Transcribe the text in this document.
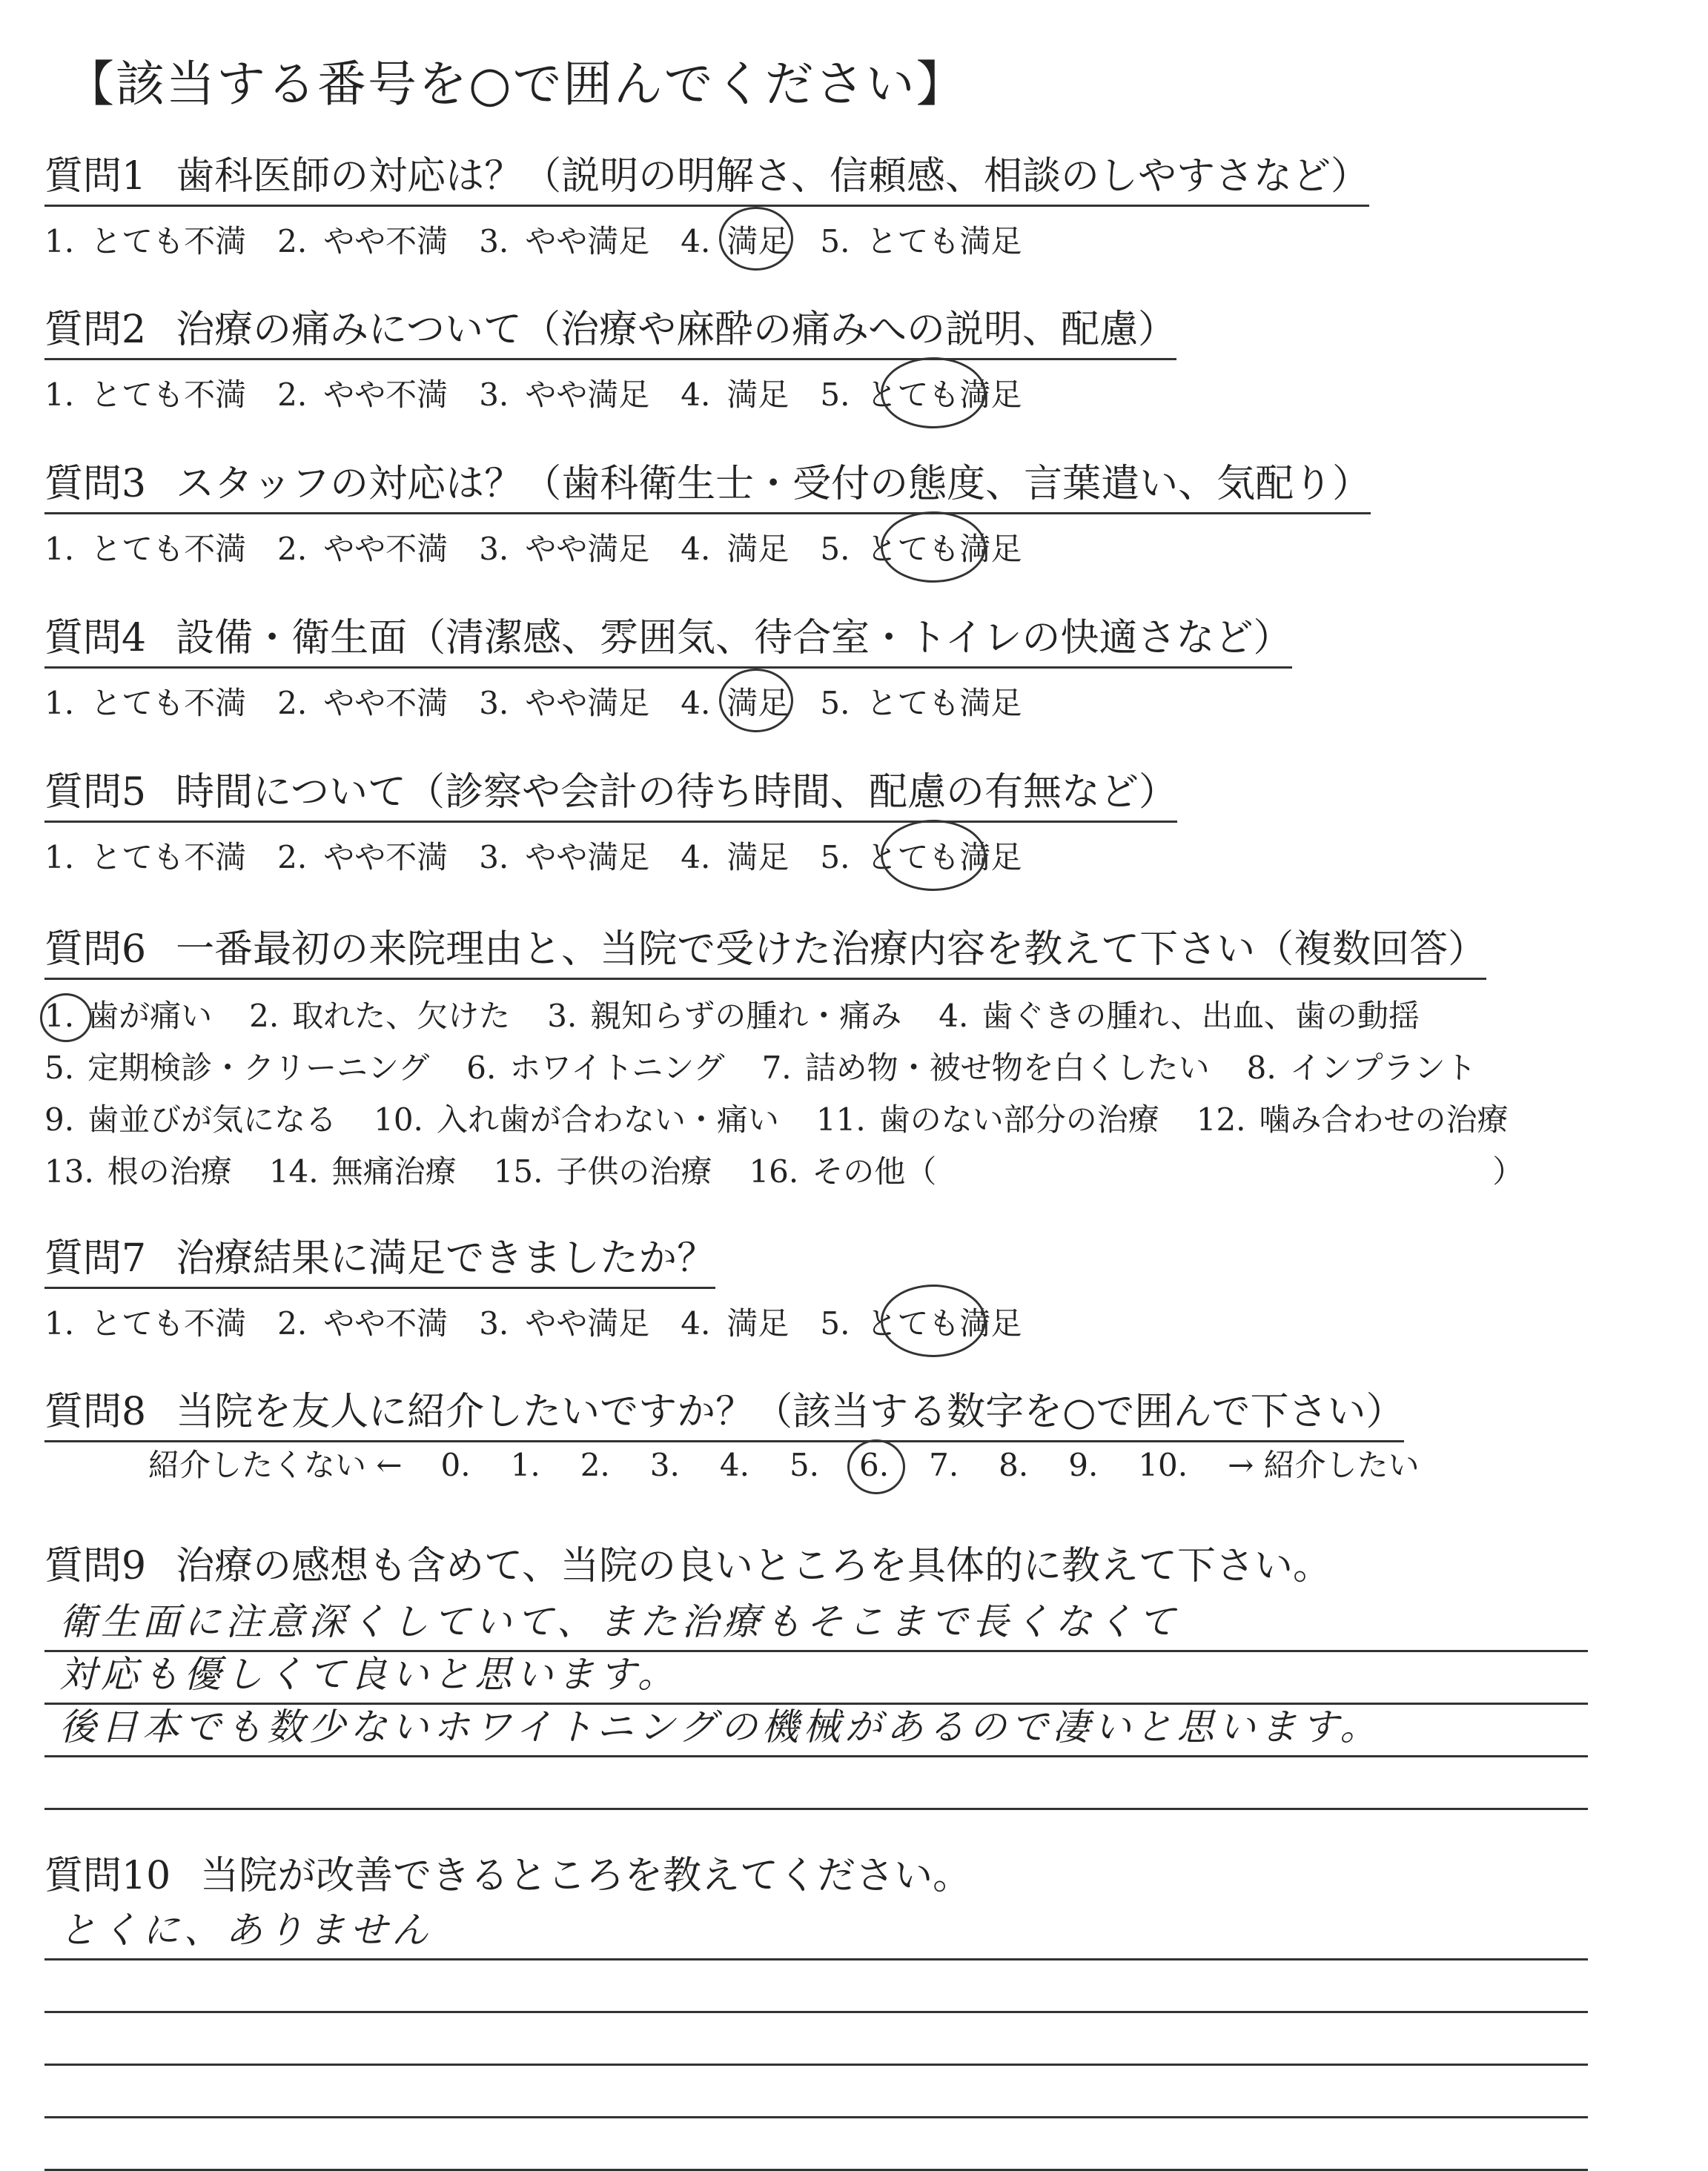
【該当する番号を○で囲んでください】
質問1 歯科医師の対応は？（説明の明解さ、信頼感、相談のしやすさなど）
1. とても不満 2. やや不満 3. やや満足 4. 満足 5. とても満足
質問2 治療の痛みについて（治療や麻酔の痛みへの説明、配慮）
1. とても不満 2. やや不満 3. やや満足 4. 満足 5. とても満足
質問3 スタッフの対応は？（歯科衛生士・受付の態度、言葉遣い、気配り）
1. とても不満 2. やや不満 3. やや満足 4. 満足 5. とても満足
質問4 設備・衛生面（清潔感、雰囲気、待合室・トイレの快適さなど）
1. とても不満 2. やや不満 3. やや満足 4. 満足 5. とても満足
質問5 時間について（診察や会計の待ち時間、配慮の有無など）
1. とても不満 2. やや不満 3. やや満足 4. 満足 5. とても満足
質問6 一番最初の来院理由と、当院で受けた治療内容を教えて下さい（複数回答）
1. 歯が痛い 2. 取れた、欠けた 3. 親知らずの腫れ・痛み 4. 歯ぐきの腫れ、出血、歯の動揺
5. 定期検診・クリーニング 6. ホワイトニング 7. 詰め物・被せ物を白くしたい 8. インプラント
9. 歯並びが気になる 10. 入れ歯が合わない・痛い 11. 歯のない部分の治療 12. 噛み合わせの治療
13. 根の治療 14. 無痛治療 15. 子供の治療 16. その他（	）
質問7 治療結果に満足できましたか？
1. とても不満 2. やや不満 3. やや満足 4. 満足 5. とても満足
質問8 当院を友人に紹介したいですか？（該当する数字を○で囲んで下さい）
紹介したくない ← 0. 1. 2. 3. 4. 5. 6. 7. 8. 9. 10. → 紹介したい
質問9 治療の感想も含めて、当院の良いところを具体的に教えて下さい。
衛生面に注意深くしていて、また治療もそこまで長くなくて
対応も優しくて良いと思います。
後日本でも数少ないホワイトニングの機械があるので凄いと思います。
質問10 当院が改善できるところを教えてください。
とくに、ありません
